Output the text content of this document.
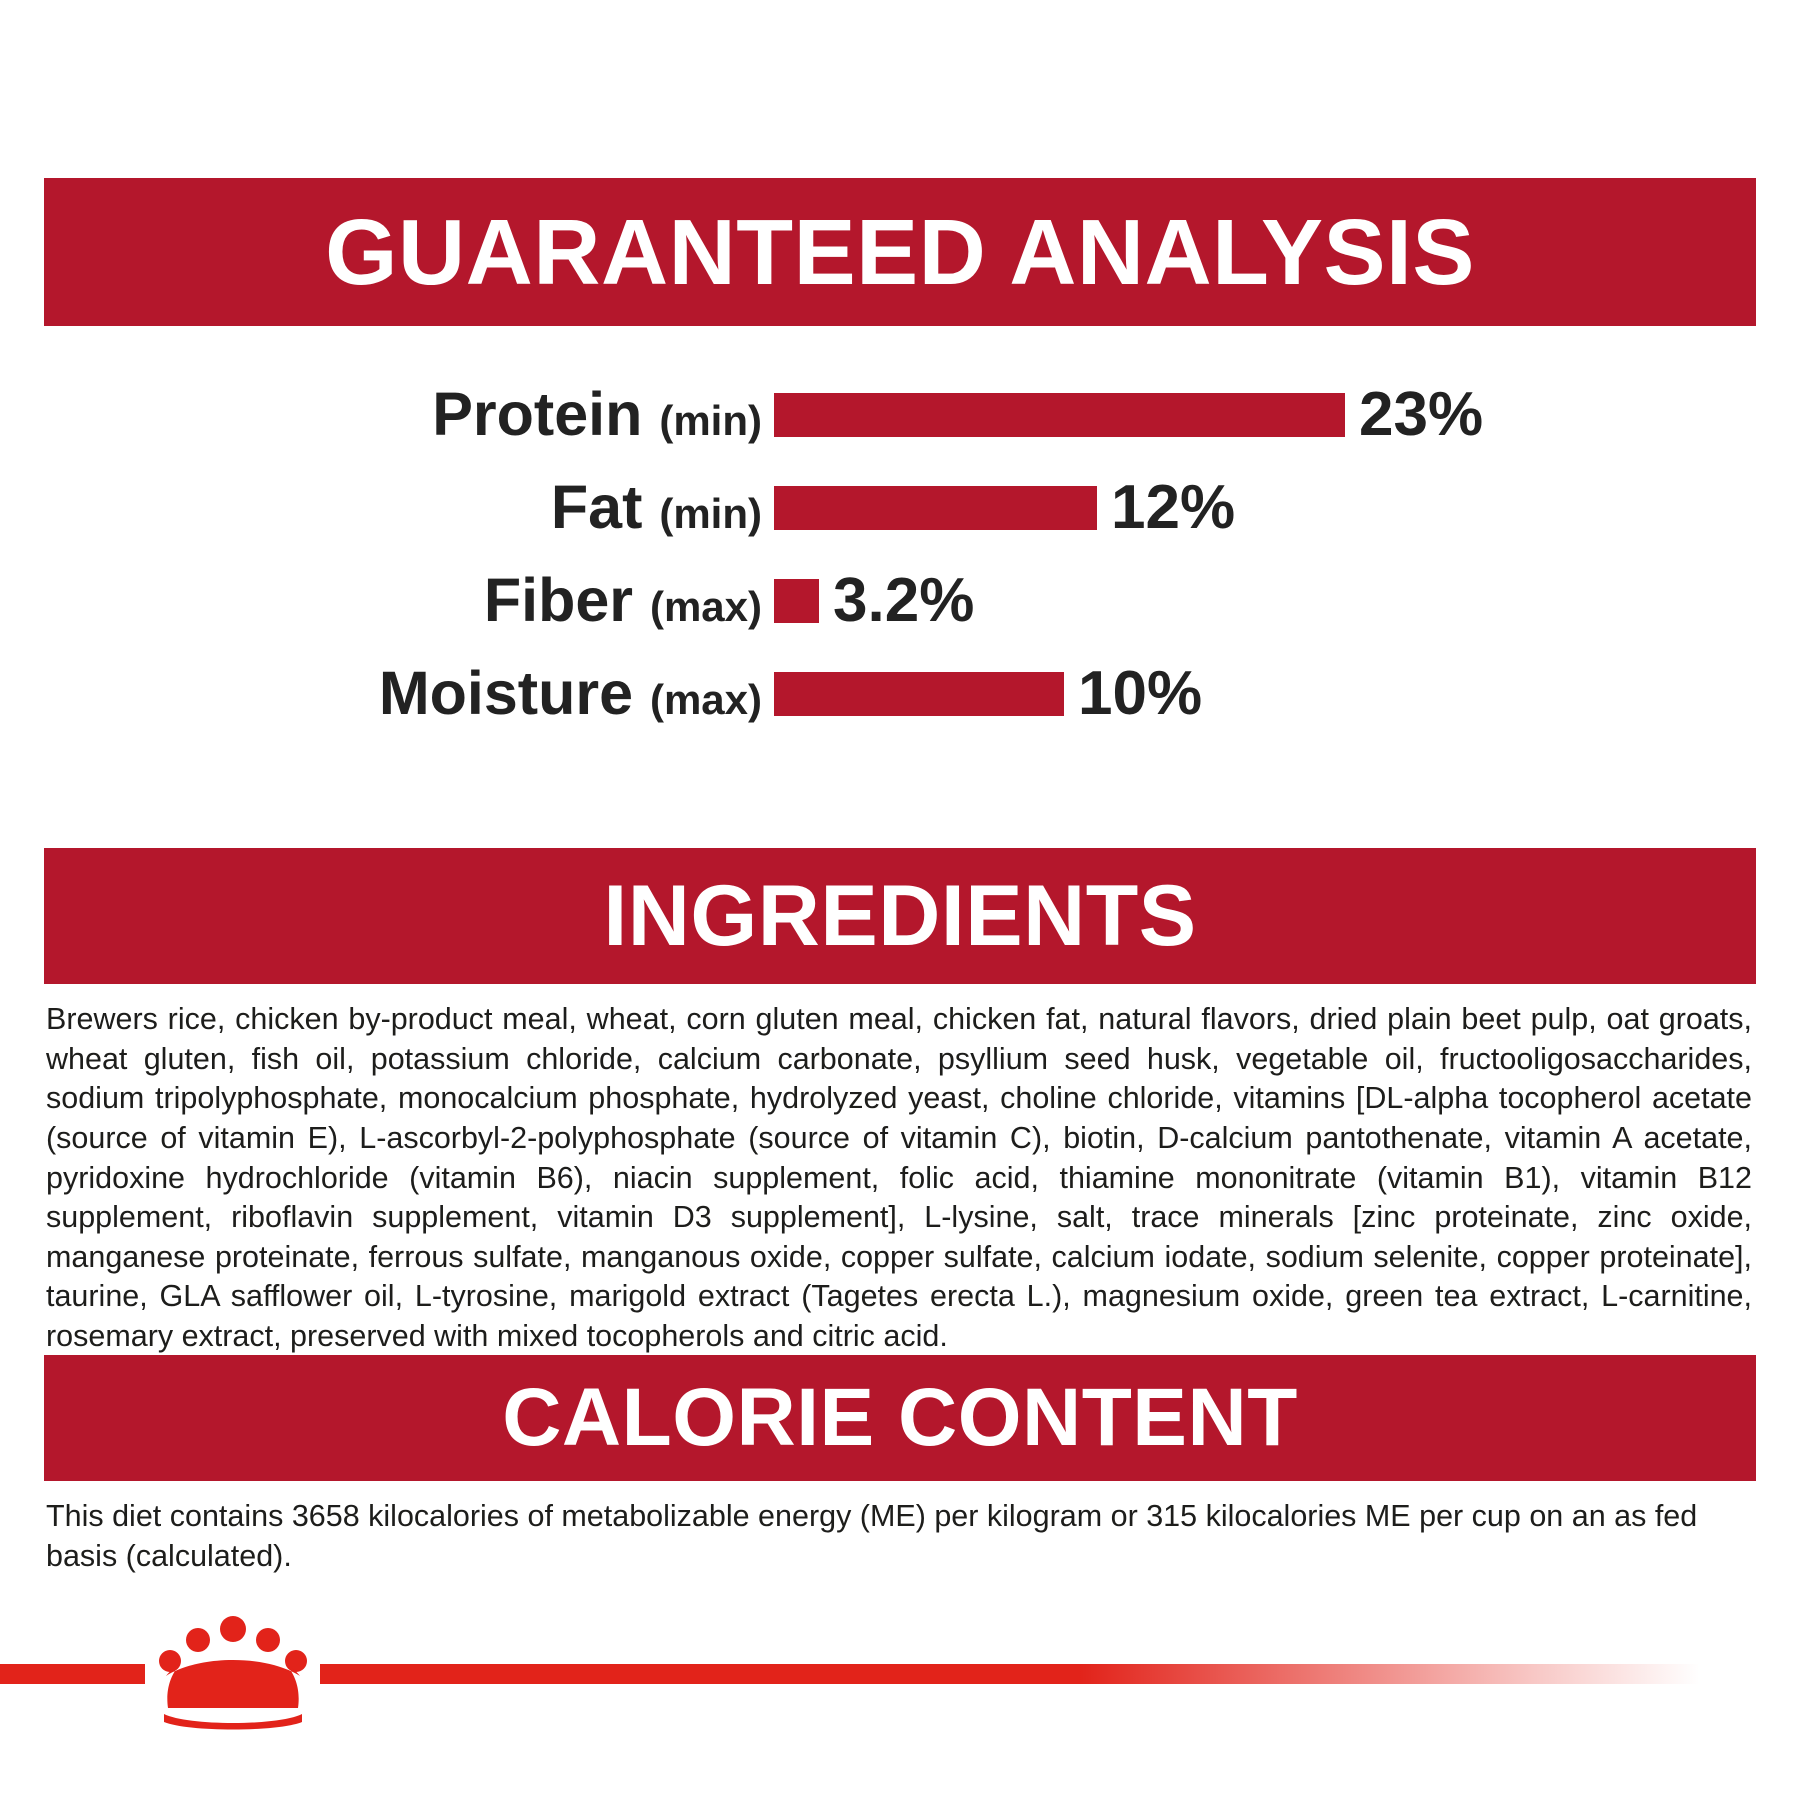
GUARANTEED ANALYSIS
Protein (min)	23%
Fat (min)	12%
Fiber (max) 3.2%
Moisture (max)	10%
INGREDIENTS
Brewers rice, chicken by-product meal, wheat, corn gluten meal, chicken fat, natural flavors, dried plain beet pulp, oat groats, wheat gluten, fish oil, potassium chloride, calcium carbonate, psyllium seed husk, vegetable oil, fructooligosaccharides, sodium tripolyphosphate, monocalcium phosphate, hydrolyzed yeast, choline chloride, vitamins [DL-alpha tocopherol acetate (source of vitamin E), L-ascorbyl-2-polyphosphate (source of vitamin C), biotin, D-calcium pantothenate, vitamin A acetate, pyridoxine hydrochloride (vitamin B6), niacin supplement, folic acid, thiamine mononitrate (vitamin B1), vitamin B12 supplement, riboflavin supplement, vitamin D3 supplement], L-lysine, salt, trace minerals [zinc proteinate, zinc oxide, manganese proteinate, ferrous sulfate, manganous oxide, copper sulfate, calcium iodate, sodium selenite, copper proteinate], taurine, GLA safflower oil, L-tyrosine, marigold extract (Tagetes erecta L.), magnesium oxide, green tea extract, L-carnitine, rosemary extract, preserved with mixed tocopherols and citric acid.
CALORIE CONTENT
This diet contains 3658 kilocalories of metabolizable energy (ME) per kilogram or 315 kilocalories ME per cup on an as fed basis (calculated).
